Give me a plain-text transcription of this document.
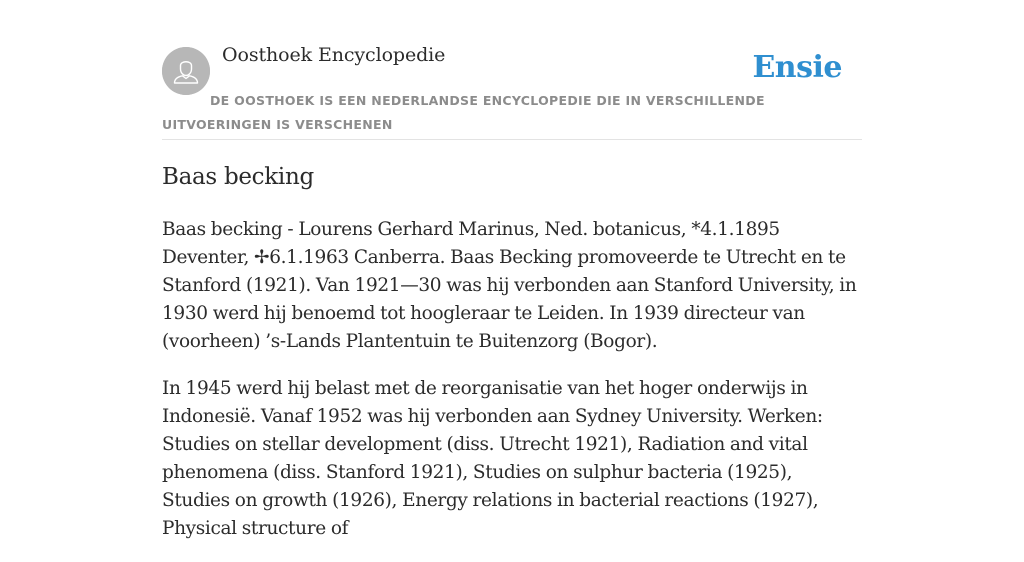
Oosthoek Encyclopedie	Ensie
DE OOSTHOEK IS EEN NEDERLANDSE ENCYCLOPEDIE DIE IN VERSCHILLENDE UITVOERINGEN IS VERSCHENEN
Baas becking

Baas becking - Lourens Gerhard Marinus, Ned. botanicus, *4.1.1895 Deventer, ✢6.1.1963 Canberra. Baas Becking promoveerde te Utrecht en te Stanford (1921). Van 1921—30 was hij verbonden aan Stanford University, in 1930 werd hij benoemd tot hoogleraar te Leiden. In 1939 directeur van (voorheen) ’s-Lands Plantentuin te Buitenzorg (Bogor).

In 1945 werd hij belast met de reorganisatie van het hoger onderwijs in Indonesië. Vanaf 1952 was hij verbonden aan Sydney University. Werken: Studies on stellar development (diss. Utrecht 1921), Radiation and vital phenomena (diss. Stanford 1921), Studies on sulphur bacteria (1925), Studies on growth (1926), Energy relations in bacterial reactions (1927), Physical structure of
